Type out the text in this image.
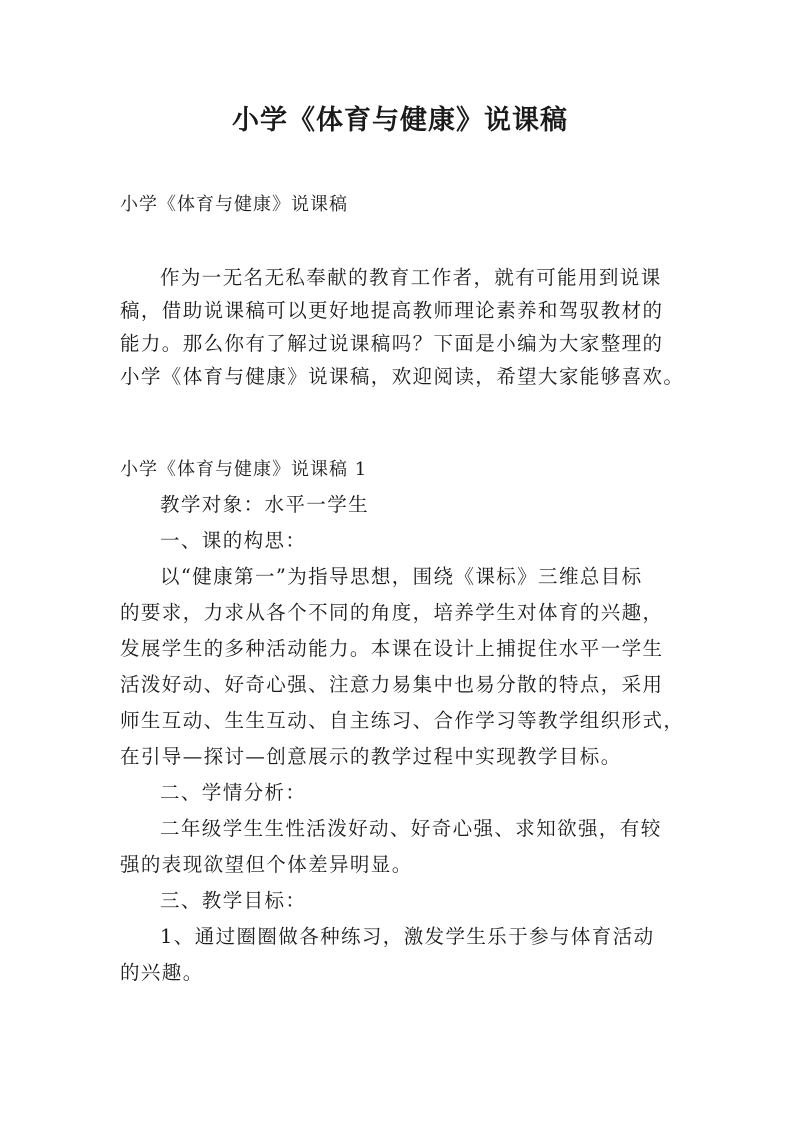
小学《体育与健康》说课稿
小学《体育与健康》说课稿
作为一无名无私奉献的教育工作者，就有可能用到说课
稿，借助说课稿可以更好地提高教师理论素养和驾驭教材的
能力。那么你有了解过说课稿吗？下面是小编为大家整理的
小学《体育与健康》说课稿，欢迎阅读，希望大家能够喜欢。
小学《体育与健康》说课稿 1
教学对象：水平一学生
一、课的构思：
以“健康第一”为指导思想，围绕《课标》三维总目标
的要求，力求从各个不同的角度，培养学生对体育的兴趣，
发展学生的多种活动能力。本课在设计上捕捉住水平一学生
活泼好动、好奇心强、注意力易集中也易分散的特点，采用
师生互动、生生互动、自主练习、合作学习等教学组织形式，
在引导—探讨—创意展示的教学过程中实现教学目标。
二、学情分析：
二年级学生生性活泼好动、好奇心强、求知欲强，有较
强的表现欲望但个体差异明显。
三、教学目标：
1、通过圈圈做各种练习，激发学生乐于参与体育活动
的兴趣。
